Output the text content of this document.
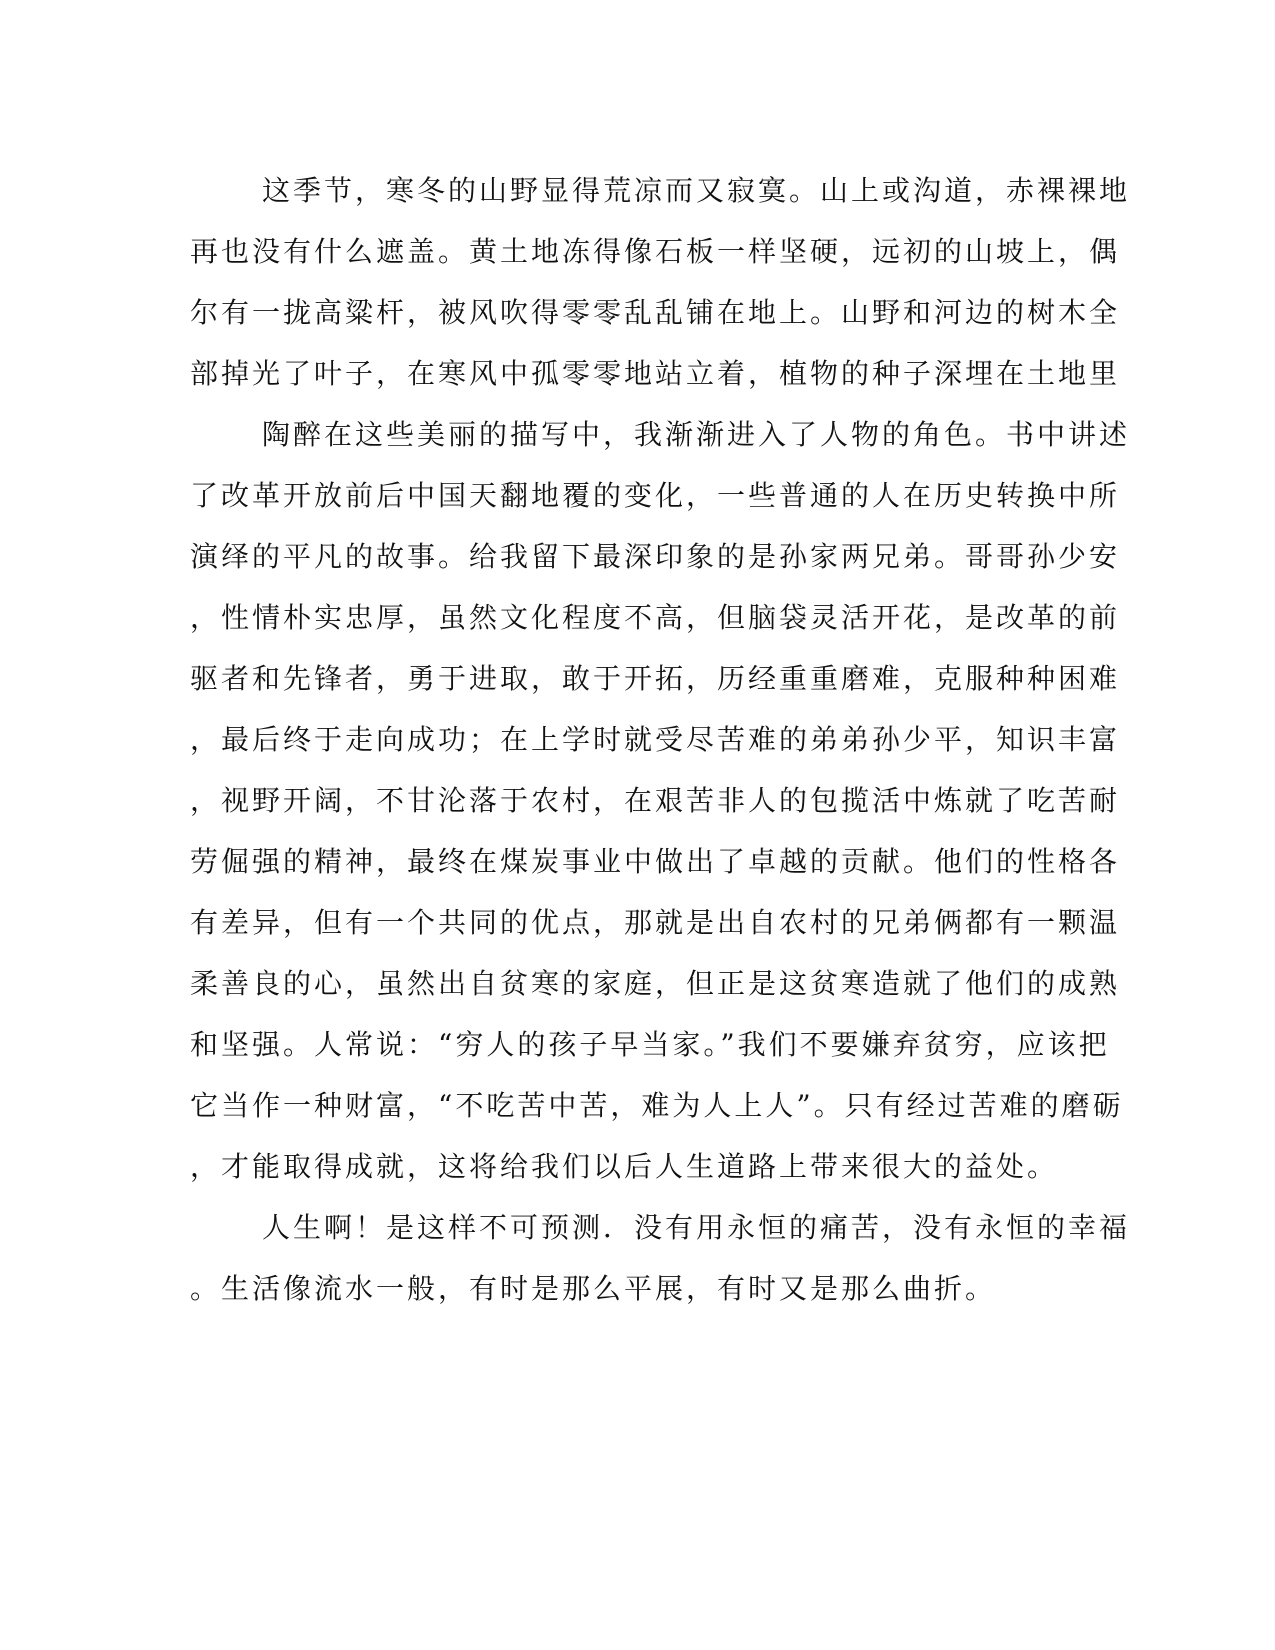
这季节，寒冬的山野显得荒凉而又寂寞。山上或沟道，赤裸裸地
再也没有什么遮盖。黄土地冻得像石板一样坚硬，远初的山坡上，偶
尔有一拢高粱杆，被风吹得零零乱乱铺在地上。山野和河边的树木全
部掉光了叶子，在寒风中孤零零地站立着，植物的种子深埋在土地里
陶醉在这些美丽的描写中，我渐渐进入了人物的角色。书中讲述
了改革开放前后中国天翻地覆的变化，一些普通的人在历史转换中所
演绎的平凡的故事。给我留下最深印象的是孙家两兄弟。哥哥孙少安
，性情朴实忠厚，虽然文化程度不高，但脑袋灵活开花，是改革的前
驱者和先锋者，勇于进取，敢于开拓，历经重重磨难，克服种种困难
，最后终于走向成功；在上学时就受尽苦难的弟弟孙少平，知识丰富
，视野开阔，不甘沦落于农村，在艰苦非人的包揽活中炼就了吃苦耐
劳倔强的精神，最终在煤炭事业中做出了卓越的贡献。他们的性格各
有差异，但有一个共同的优点，那就是出自农村的兄弟俩都有一颗温
柔善良的心，虽然出自贫寒的家庭，但正是这贫寒造就了他们的成熟
和坚强。人常说：“穷人的孩子早当家。”我们不要嫌弃贫穷，应该把
它当作一种财富，“不吃苦中苦，难为人上人”。只有经过苦难的磨砺
，才能取得成就，这将给我们以后人生道路上带来很大的益处。
人生啊！是这样不可预测．没有用永恒的痛苦，没有永恒的幸福
。生活像流水一般，有时是那么平展，有时又是那么曲折。
